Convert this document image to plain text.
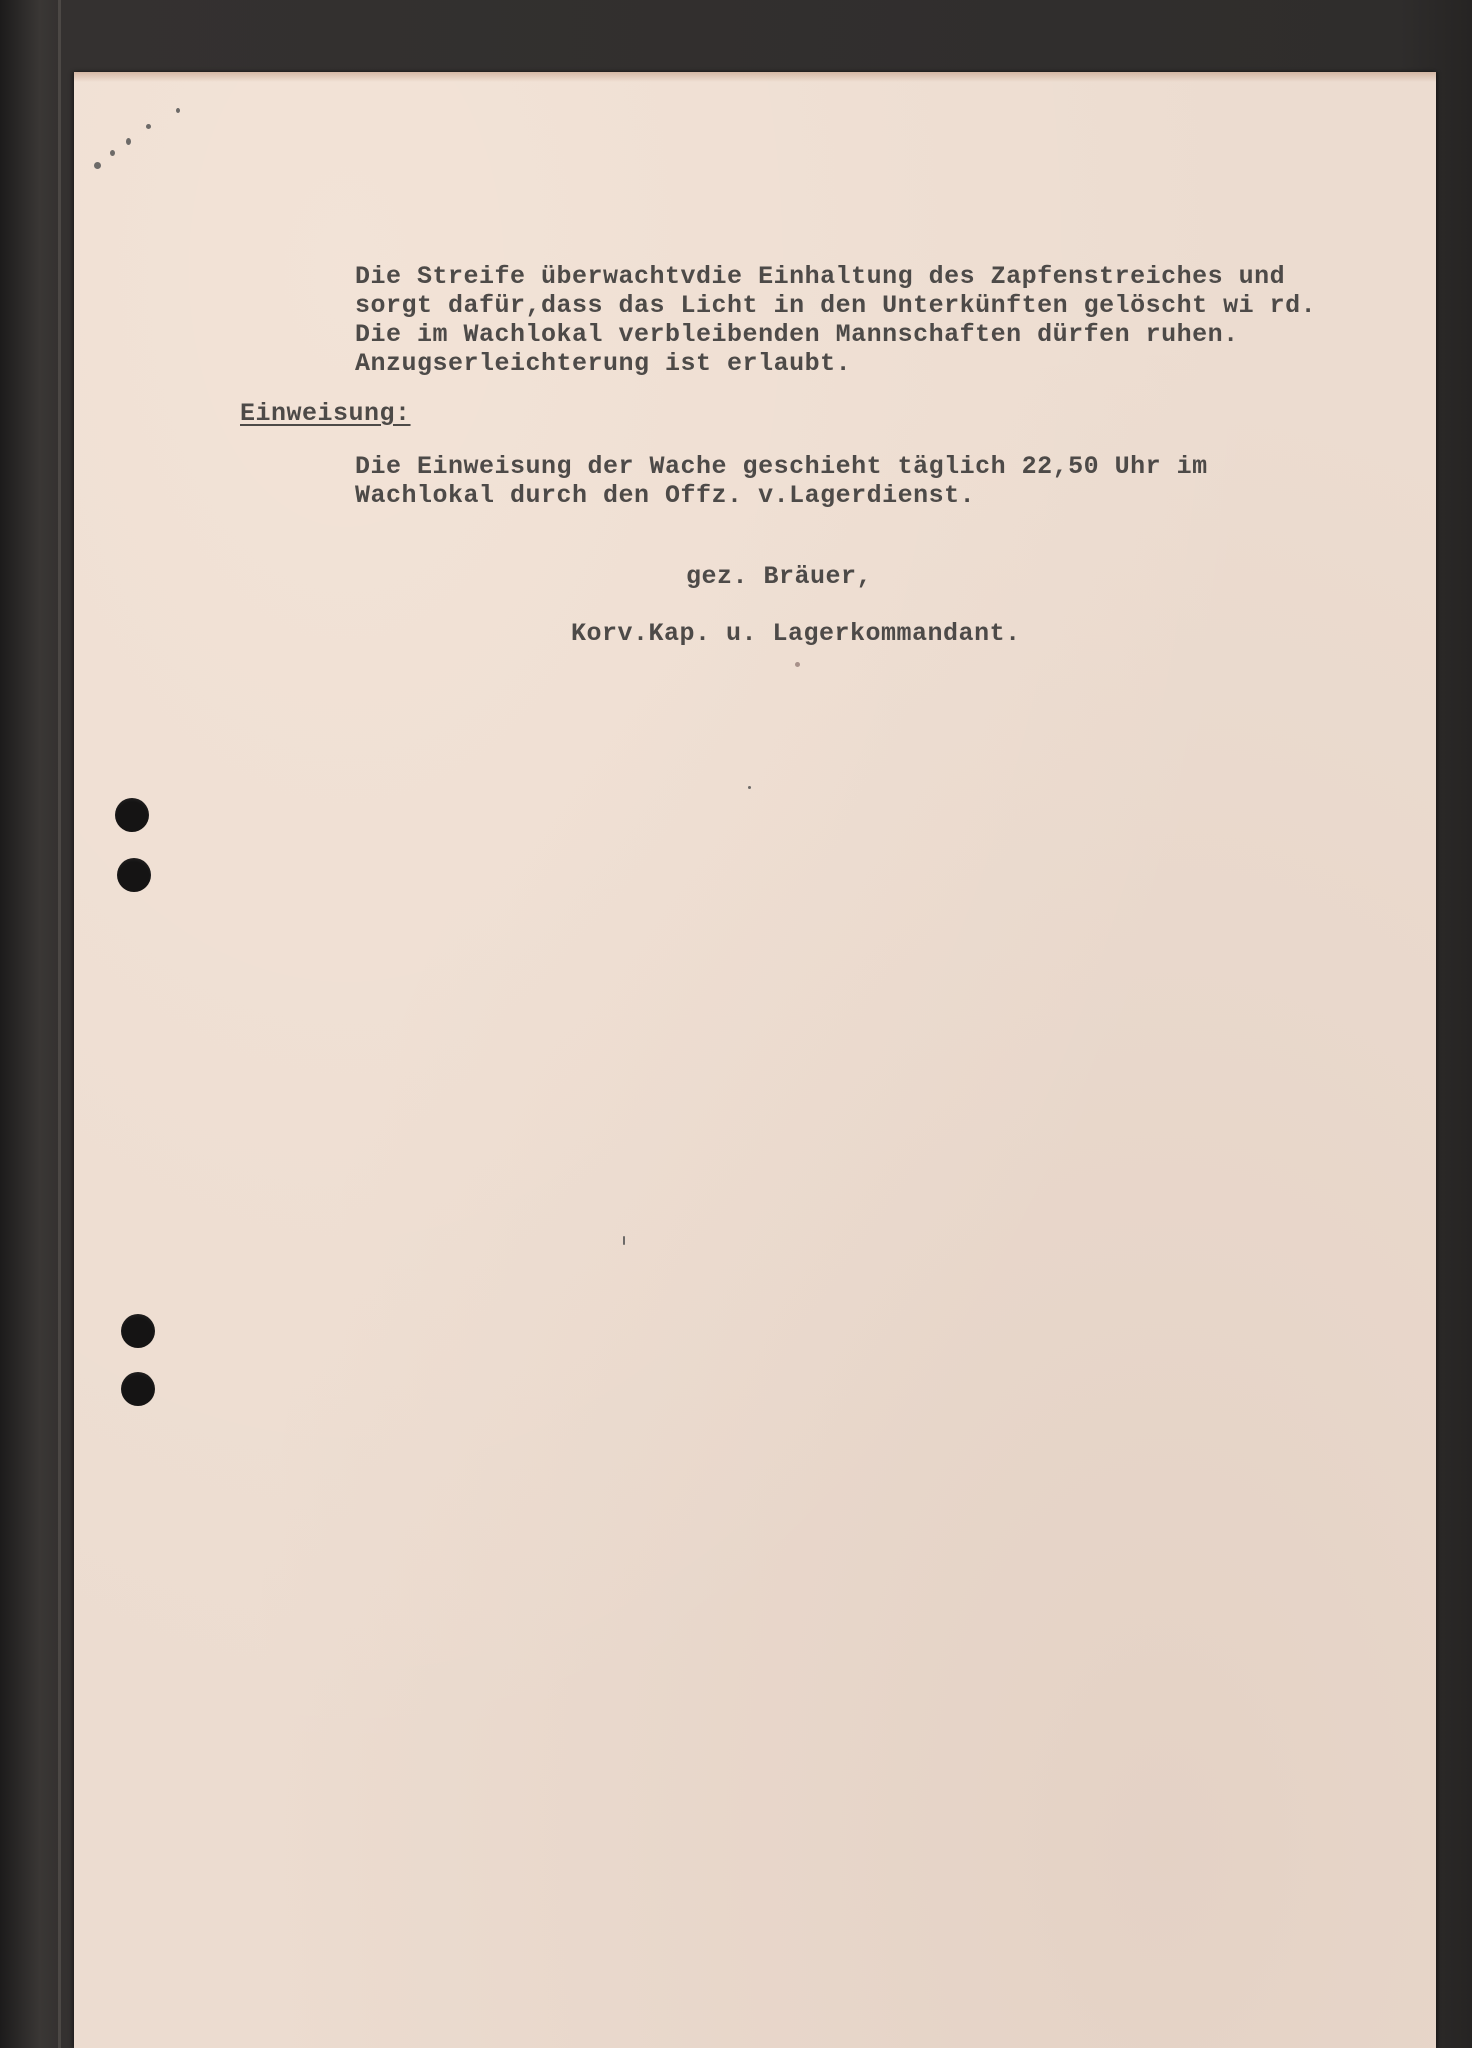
Die Streife überwachtvdie Einhaltung des Zapfenstreiches und
sorgt dafür,dass das Licht in den Unterkünften gelöscht wi rd.
Die im Wachlokal verbleibenden Mannschaften dürfen ruhen.
Anzugserleichterung ist erlaubt.
Einweisung:
Die Einweisung der Wache geschieht täglich 22,50 Uhr im
Wachlokal durch den Offz. v.Lagerdienst.
gez. Bräuer,
Korv.Kap. u. Lagerkommandant.
